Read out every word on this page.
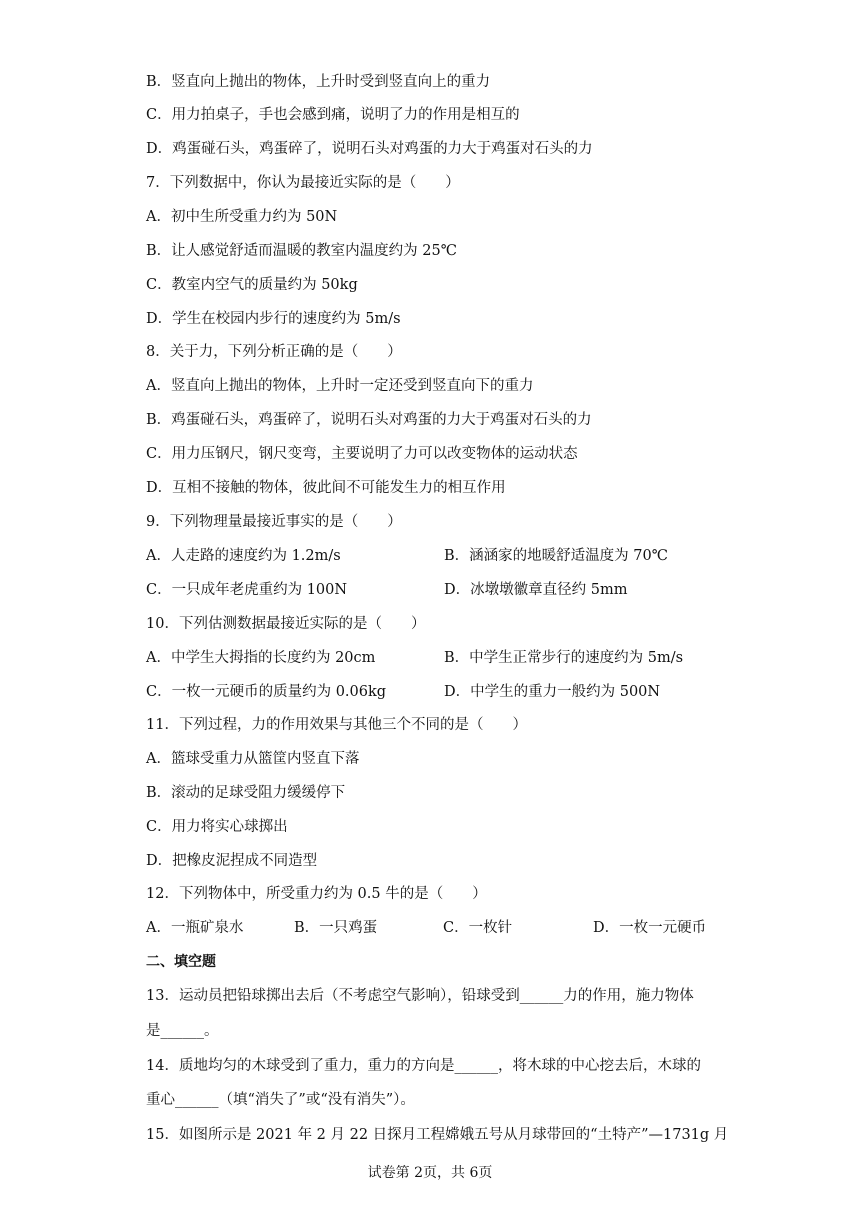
B．竖直向上抛出的物体，上升时受到竖直向上的重力
C．用力拍桌子，手也会感到痛，说明了力的作用是相互的
D．鸡蛋碰石头，鸡蛋碎了，说明石头对鸡蛋的力大于鸡蛋对石头的力
7．下列数据中，你认为最接近实际的是（　　）
A．初中生所受重力约为 50N
B．让人感觉舒适而温暖的教室内温度约为 25℃
C．教室内空气的质量约为 50kg
D．学生在校园内步行的速度约为 5m/s
8．关于力，下列分析正确的是（　　）
A．竖直向上抛出的物体，上升时一定还受到竖直向下的重力
B．鸡蛋碰石头，鸡蛋碎了，说明石头对鸡蛋的力大于鸡蛋对石头的力
C．用力压钢尺，钢尺变弯，主要说明了力可以改变物体的运动状态
D．互相不接触的物体，彼此间不可能发生力的相互作用
9．下列物理量最接近事实的是（　　）
A．人走路的速度约为 1.2m/s	B．涵涵家的地暖舒适温度为 70℃
C．一只成年老虎重约为 100N	D．冰墩墩徽章直径约 5mm
10．下列估测数据最接近实际的是（　　）
A．中学生大拇指的长度约为 20cm	B．中学生正常步行的速度约为 5m/s
C．一枚一元硬币的质量约为 0.06kg	D．中学生的重力一般约为 500N
11．下列过程，力的作用效果与其他三个不同的是（　　）
A．篮球受重力从篮筐内竖直下落
B．滚动的足球受阻力缓缓停下
C．用力将实心球掷出
D．把橡皮泥捏成不同造型
12．下列物体中，所受重力约为 0.5 牛的是（　　）
A．一瓶矿泉水	B．一只鸡蛋	C．一枚针	D．一枚一元硬币
二、填空题
13．运动员把铅球掷出去后（不考虑空气影响），铅球受到______力的作用，施力物体
是______。
14．质地均匀的木球受到了重力，重力的方向是______，将木球的中心挖去后，木球的
重心______（填“消失了”或“没有消失”）。
15．如图所示是 2021 年 2 月 22 日探月工程嫦娥五号从月球带回的“土特产”—1731g 月
试卷第 2页，共 6页
